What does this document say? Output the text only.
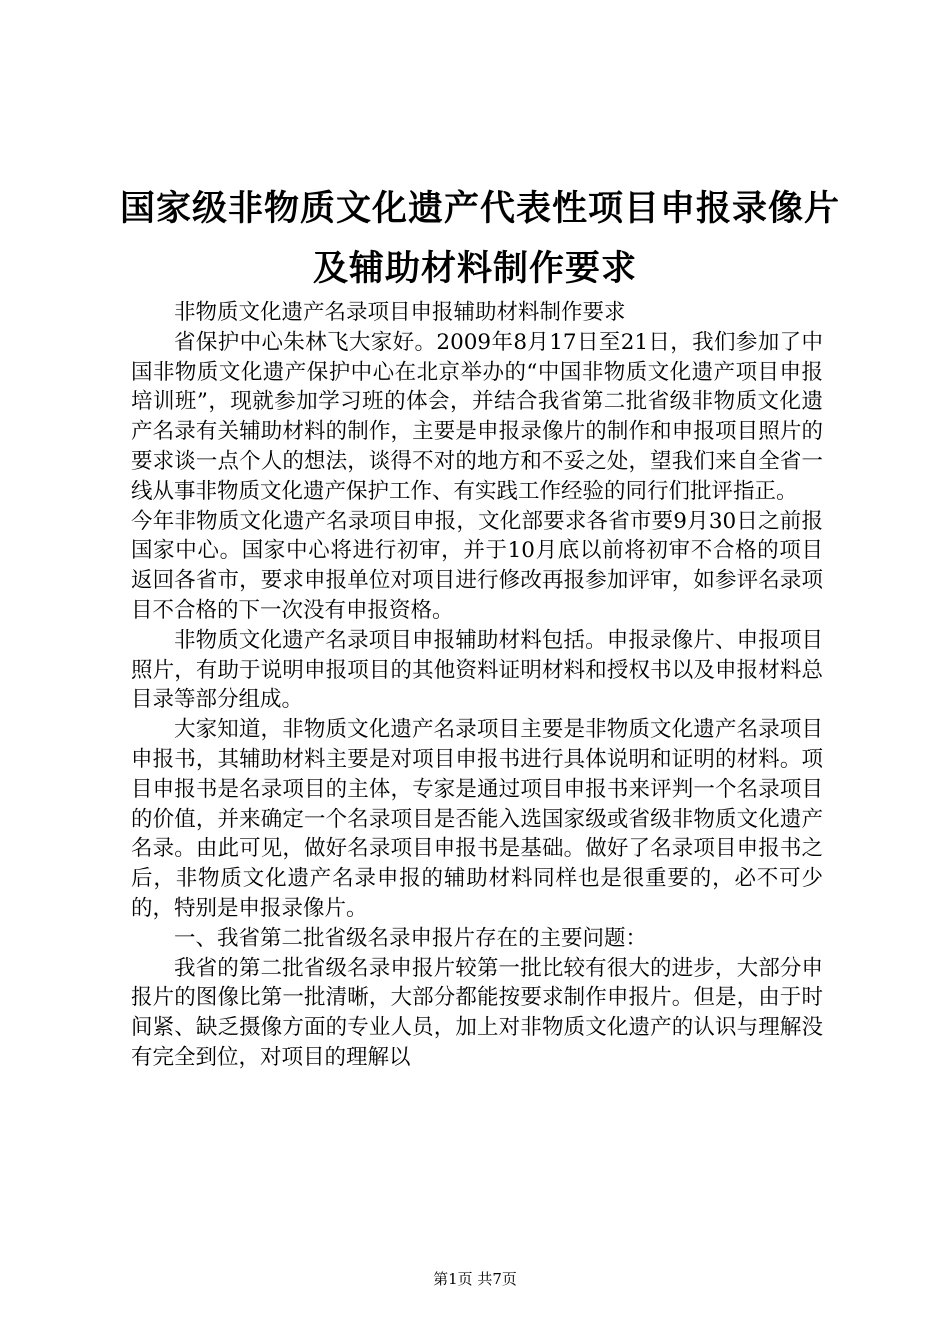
国家级非物质文化遗产代表性项目申报录像片
及辅助材料制作要求

非物质文化遗产名录项目申报辅助材料制作要求

省保护中心朱林飞大家好。2009年8月17日至21日，我们参加了中国非物质文化遗产保护中心在北京举办的“中国非物质文化遗产项目申报培训班”，现就参加学习班的体会，并结合我省第二批省级非物质文化遗产名录有关辅助材料的制作，主要是申报录像片的制作和申报项目照片的要求谈一点个人的想法，谈得不对的地方和不妥之处，望我们来自全省一线从事非物质文化遗产保护工作、有实践工作经验的同行们批评指正。

今年非物质文化遗产名录项目申报，文化部要求各省市要9月30日之前报国家中心。国家中心将进行初审，并于10月底以前将初审不合格的项目返回各省市，要求申报单位对项目进行修改再报参加评审，如参评名录项目不合格的下一次没有申报资格。

非物质文化遗产名录项目申报辅助材料包括。申报录像片、申报项目照片，有助于说明申报项目的其他资料证明材料和授权书以及申报材料总目录等部分组成。

大家知道，非物质文化遗产名录项目主要是非物质文化遗产名录项目申报书，其辅助材料主要是对项目申报书进行具体说明和证明的材料。项目申报书是名录项目的主体，专家是通过项目申报书来评判一个名录项目的价值，并来确定一个名录项目是否能入选国家级或省级非物质文化遗产名录。由此可见，做好名录项目申报书是基础。做好了名录项目申报书之后，非物质文化遗产名录申报的辅助材料同样也是很重要的，必不可少的，特别是申报录像片。

一、我省第二批省级名录申报片存在的主要问题：

我省的第二批省级名录申报片较第一批比较有很大的进步，大部分申报片的图像比第一批清晰，大部分都能按要求制作申报片。但是，由于时间紧、缺乏摄像方面的专业人员，加上对非物质文化遗产的认识与理解没有完全到位，对项目的理解以

第1页 共7页
